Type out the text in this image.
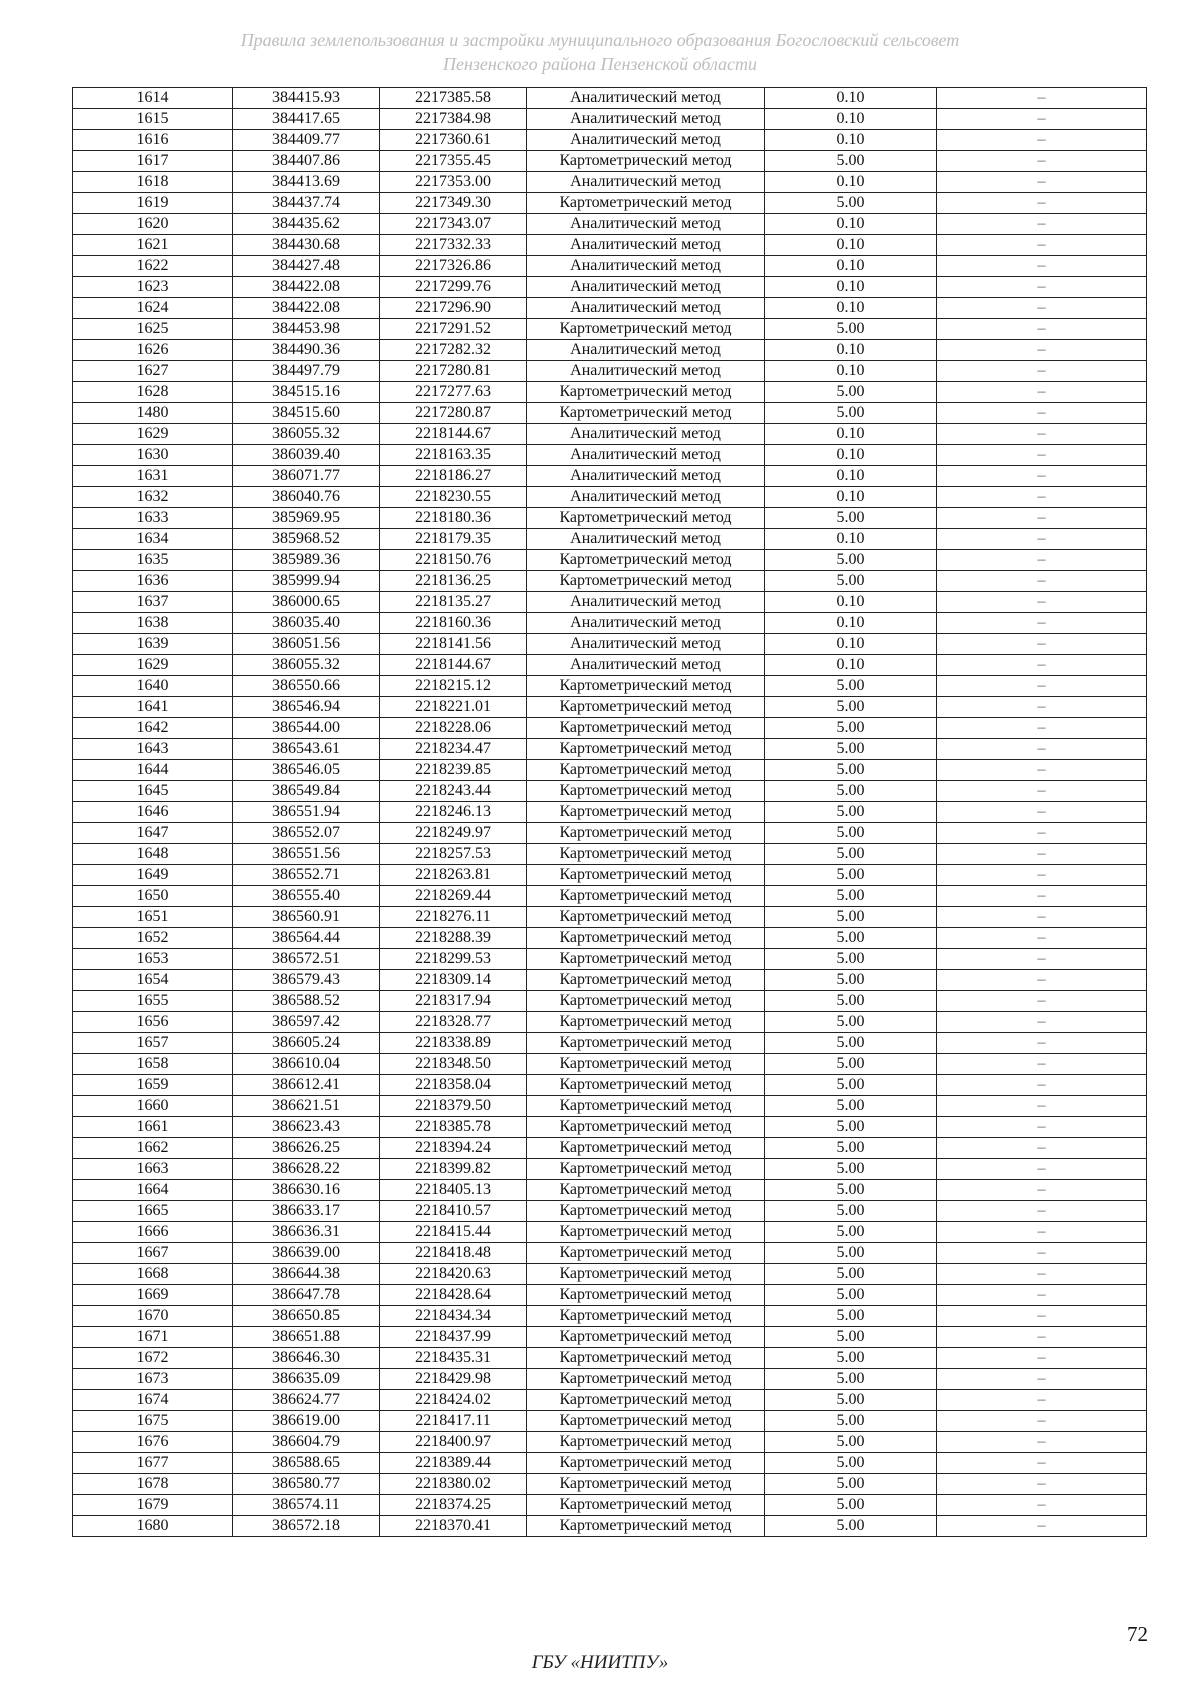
Правила землепользования и застройки муниципального образования Богословский сельсовет
Пензенского района Пензенской области
1614	384415.93	2217385.58	Аналитический метод	0.10	–
1615	384417.65	2217384.98	Аналитический метод	0.10	–
1616	384409.77	2217360.61	Аналитический метод	0.10	–
1617	384407.86	2217355.45	Картометрический метод	5.00	–
1618	384413.69	2217353.00	Аналитический метод	0.10	–
1619	384437.74	2217349.30	Картометрический метод	5.00	–
1620	384435.62	2217343.07	Аналитический метод	0.10	–
1621	384430.68	2217332.33	Аналитический метод	0.10	–
1622	384427.48	2217326.86	Аналитический метод	0.10	–
1623	384422.08	2217299.76	Аналитический метод	0.10	–
1624	384422.08	2217296.90	Аналитический метод	0.10	–
1625	384453.98	2217291.52	Картометрический метод	5.00	–
1626	384490.36	2217282.32	Аналитический метод	0.10	–
1627	384497.79	2217280.81	Аналитический метод	0.10	–
1628	384515.16	2217277.63	Картометрический метод	5.00	–
1480	384515.60	2217280.87	Картометрический метод	5.00	–
1629	386055.32	2218144.67	Аналитический метод	0.10	–
1630	386039.40	2218163.35	Аналитический метод	0.10	–
1631	386071.77	2218186.27	Аналитический метод	0.10	–
1632	386040.76	2218230.55	Аналитический метод	0.10	–
1633	385969.95	2218180.36	Картометрический метод	5.00	–
1634	385968.52	2218179.35	Аналитический метод	0.10	–
1635	385989.36	2218150.76	Картометрический метод	5.00	–
1636	385999.94	2218136.25	Картометрический метод	5.00	–
1637	386000.65	2218135.27	Аналитический метод	0.10	–
1638	386035.40	2218160.36	Аналитический метод	0.10	–
1639	386051.56	2218141.56	Аналитический метод	0.10	–
1629	386055.32	2218144.67	Аналитический метод	0.10	–
1640	386550.66	2218215.12	Картометрический метод	5.00	–
1641	386546.94	2218221.01	Картометрический метод	5.00	–
1642	386544.00	2218228.06	Картометрический метод	5.00	–
1643	386543.61	2218234.47	Картометрический метод	5.00	–
1644	386546.05	2218239.85	Картометрический метод	5.00	–
1645	386549.84	2218243.44	Картометрический метод	5.00	–
1646	386551.94	2218246.13	Картометрический метод	5.00	–
1647	386552.07	2218249.97	Картометрический метод	5.00	–
1648	386551.56	2218257.53	Картометрический метод	5.00	–
1649	386552.71	2218263.81	Картометрический метод	5.00	–
1650	386555.40	2218269.44	Картометрический метод	5.00	–
1651	386560.91	2218276.11	Картометрический метод	5.00	–
1652	386564.44	2218288.39	Картометрический метод	5.00	–
1653	386572.51	2218299.53	Картометрический метод	5.00	–
1654	386579.43	2218309.14	Картометрический метод	5.00	–
1655	386588.52	2218317.94	Картометрический метод	5.00	–
1656	386597.42	2218328.77	Картометрический метод	5.00	–
1657	386605.24	2218338.89	Картометрический метод	5.00	–
1658	386610.04	2218348.50	Картометрический метод	5.00	–
1659	386612.41	2218358.04	Картометрический метод	5.00	–
1660	386621.51	2218379.50	Картометрический метод	5.00	–
1661	386623.43	2218385.78	Картометрический метод	5.00	–
1662	386626.25	2218394.24	Картометрический метод	5.00	–
1663	386628.22	2218399.82	Картометрический метод	5.00	–
1664	386630.16	2218405.13	Картометрический метод	5.00	–
1665	386633.17	2218410.57	Картометрический метод	5.00	–
1666	386636.31	2218415.44	Картометрический метод	5.00	–
1667	386639.00	2218418.48	Картометрический метод	5.00	–
1668	386644.38	2218420.63	Картометрический метод	5.00	–
1669	386647.78	2218428.64	Картометрический метод	5.00	–
1670	386650.85	2218434.34	Картометрический метод	5.00	–
1671	386651.88	2218437.99	Картометрический метод	5.00	–
1672	386646.30	2218435.31	Картометрический метод	5.00	–
1673	386635.09	2218429.98	Картометрический метод	5.00	–
1674	386624.77	2218424.02	Картометрический метод	5.00	–
1675	386619.00	2218417.11	Картометрический метод	5.00	–
1676	386604.79	2218400.97	Картометрический метод	5.00	–
1677	386588.65	2218389.44	Картометрический метод	5.00	–
1678	386580.77	2218380.02	Картометрический метод	5.00	–
1679	386574.11	2218374.25	Картометрический метод	5.00	–
1680	386572.18	2218370.41	Картометрический метод	5.00	–
72
ГБУ «НИИТПУ»
